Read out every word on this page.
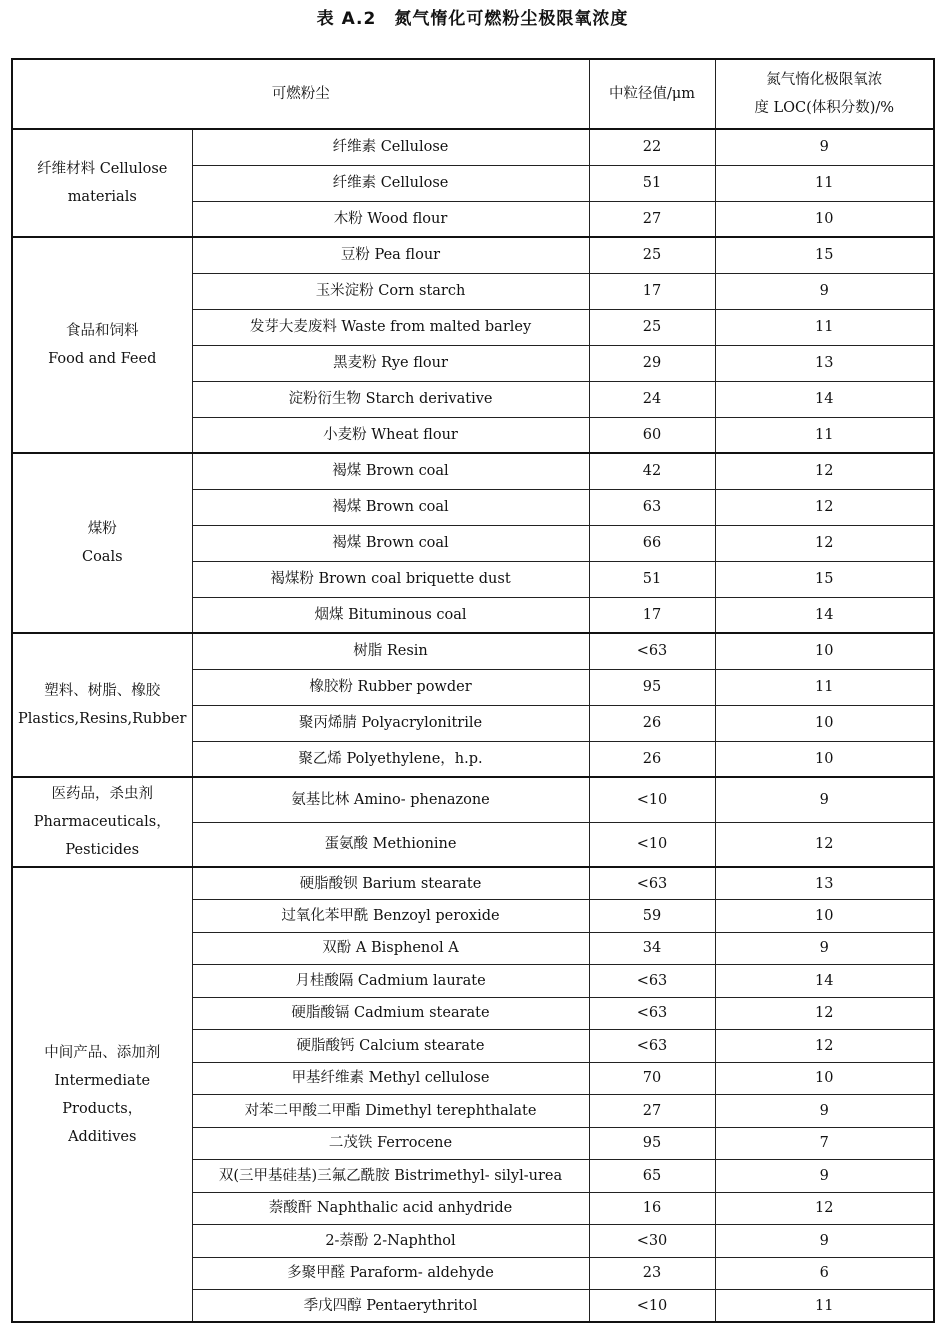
表 A.2　氮气惰化可燃粉尘极限氧浓度
可燃粉尘		中粒径值/μm	氮气惰化极限氧浓
度 LOC(体积分数)/%

纤维材料 Cellulose
materials	纤维素 Cellulose	22	9
	纤维素 Cellulose	51	11
	木粉 Wood flour	27	10

食品和饲料
Food and Feed	豆粉 Pea flour	25	15
	玉米淀粉 Corn starch	17	9
	发芽大麦废料 Waste from malted barley	25	11
	黑麦粉 Rye flour	29	13
	淀粉衍生物 Starch derivative	24	14
	小麦粉 Wheat flour	60	11

煤粉
Coals	褐煤 Brown coal	42	12
	褐煤 Brown coal	63	12
	褐煤 Brown coal	66	12
	褐煤粉 Brown coal briquette dust	51	15
	烟煤 Bituminous coal	17	14

塑料、树脂、橡胶
Plastics,Resins,Rubber	树脂 Resin	<63	10
	橡胶粉 Rubber powder	95	11
	聚丙烯腈 Polyacrylonitrile	26	10
	聚乙烯 Polyethylene，h.p.	26	10

医药品，杀虫剂
Pharmaceuticals，
Pesticides	氨基比林 Amino- phenazone	<10	9
	蛋氨酸 Methionine	<10	12

中间产品、添加剂
Intermediate
Products，
Additives	硬脂酸钡 Barium stearate	<63	13
	过氧化苯甲酰 Benzoyl peroxide	59	10
	双酚 A Bisphenol A	34	9
	月桂酸隔 Cadmium laurate	<63	14
	硬脂酸镉 Cadmium stearate	<63	12
	硬脂酸钙 Calcium stearate	<63	12
	甲基纤维素 Methyl cellulose	70	10
	对苯二甲酸二甲酯 Dimethyl terephthalate	27	9
	二茂铁 Ferrocene	95	7
	双(三甲基硅基)三氟乙酰胺 Bistrimethyl- silyl-urea	65	9
	萘酸酐 Naphthalic acid anhydride	16	12
	2-萘酚 2-Naphthol	<30	9
	多聚甲醛 Paraform- aldehyde	23	6
	季戊四醇 Pentaerythritol	<10	11
